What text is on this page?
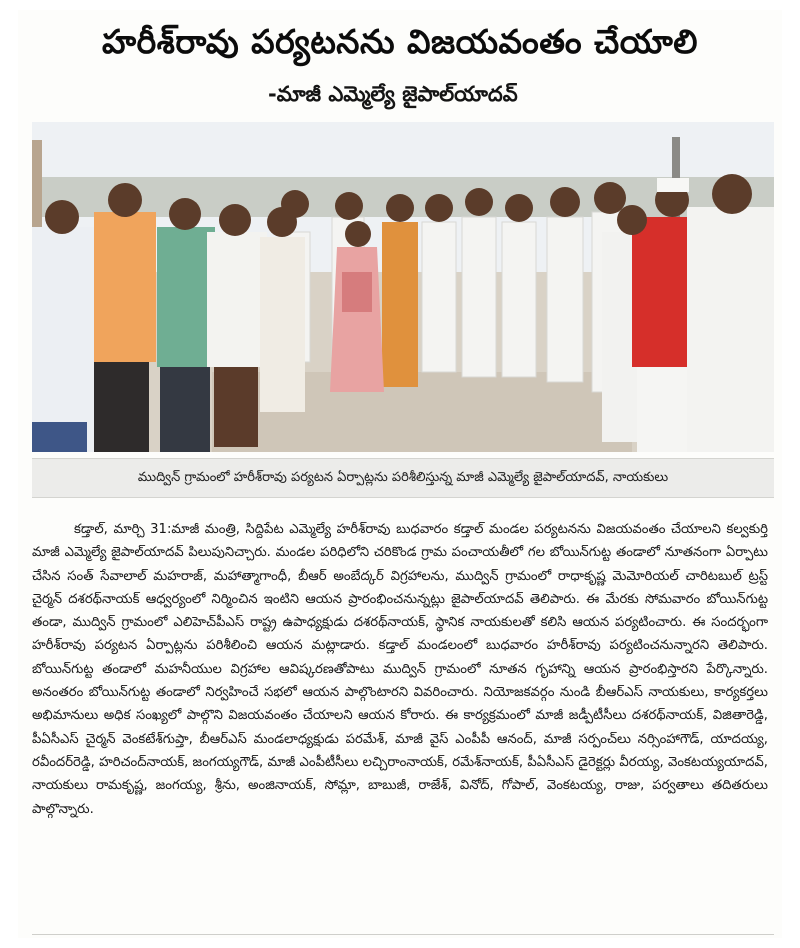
హరీశ్‌రావు పర్యటనను విజయవంతం చేయాలి
-మాజీ ఎమ్మెల్యే జైపాల్‌యాదవ్
ముద్విన్ గ్రామంలో హరీశ్‌రావు పర్యటన ఏర్పాట్లను పరిశీలిస్తున్న మాజీ ఎమ్మెల్యే జైపాల్‌యాదవ్, నాయకులు

కడ్తాల్, మార్చి 31:మాజీ మంత్రి, సిద్దిపేట ఎమ్మెల్యే హరీశ్‌రావు బుధవారం కడ్తాల్ మండల పర్యటనను విజయవంతం చేయాలని కల్వకుర్తి మాజీ ఎమ్మెల్యే జైపాల్‌యాదవ్ పిలుపునిచ్చారు. మండల పరిధిలోని చరికొండ గ్రామ పంచాయతీలో గల బోయిన్‌గుట్ట తండాలో నూతనంగా ఏర్పాటు చేసిన సంత్ సేవాలాల్ మహరాజ్, మహాత్మాగాంధీ, బీఆర్ అంబేద్కర్ విగ్రహాలను, ముద్విన్ గ్రామంలో రాధాకృష్ణ మెమోరియల్ చారిటబుల్ ట్రస్ట్ చైర్మన్ దశరథ్‌నాయక్ ఆధ్వర్యంలో నిర్మించిన ఇంటిని ఆయన ప్రారంభించనున్నట్లు జైపాల్‌యాదవ్ తెలిపారు. ఈ మేరకు సోమవారం బోయిన్‌గుట్ట తండా, ముద్విన్ గ్రామంలో ఎలిహెచ్‌పీఎస్ రాష్ట్ర ఉపాధ్యక్షుడు దశరథ్‌నాయక్, స్థానిక నాయకులతో కలిసి ఆయన పర్యటించారు. ఈ సందర్భంగా హరీశ్‌రావు పర్యటన ఏర్పాట్లను పరిశీలించి ఆయన మట్లాడారు. కడ్తాల్ మండలంలో బుధవారం హరీశ్‌రావు పర్యటించనున్నారని తెలిపారు. బోయిన్‌గుట్ట తండాలో మహనీయుల విగ్రహాల ఆవిష్కరణతోపాటు ముద్విన్ గ్రామంలో నూతన గృహాన్ని ఆయన ప్రారంభిస్తారని పేర్కొన్నారు. అనంతరం బోయిన్‌గుట్ట తండాలో నిర్వహించే సభలో ఆయన పాల్గొంటారని వివరించారు. నియోజకవర్గం నుండి బీఆర్ఎస్ నాయకులు, కార్యకర్తలు అభిమానులు అధిక సంఖ్యలో పాల్గొని విజయవంతం చేయాలని ఆయన కోరారు. ఈ కార్యక్రమంలో మాజీ జడ్పీటీసీలు దశరథ్‌నాయక్, విజితారెడ్డి, పీఏసీఎస్ చైర్మన్ వెంకటేశ్‌గుప్తా, బీఆర్ఎస్ మండలాధ్యక్షుడు పరమేశ్, మాజీ వైస్ ఎంపీపీ ఆనంద్, మాజీ సర్పంచ్‌లు నర్సింహాగౌడ్, యాదయ్య, రవీందర్‌రెడ్డి, హరిచంద్‌నాయక్, జంగయ్యగౌడ్, మాజీ ఎంపీటీసీలు లచ్చిరాంనాయక్, రమేశ్‌నాయక్, పీఏసీఎస్ డైరెక్టర్లు వీరయ్య, వెంకటయ్యయాదవ్, నాయకులు రామకృష్ణ, జంగయ్య, శ్రీను, అంజినాయక్, సోమ్లా, బాబుజీ, రాజేశ్, వినోద్, గోపాల్, వెంకటయ్య, రాజు, పర్వతాలు తదితరులు పాల్గొన్నారు.
